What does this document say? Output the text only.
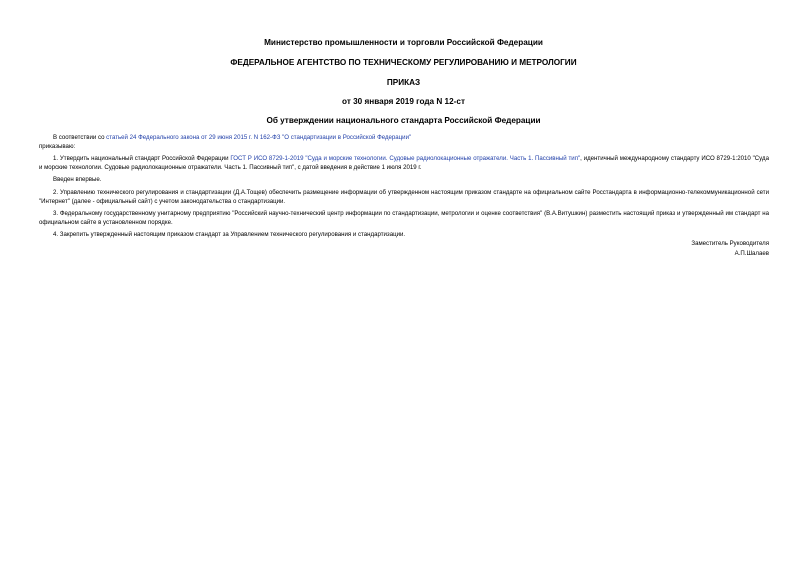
Министерство промышленности и торговли Российской Федерации
ФЕДЕРАЛЬНОЕ АГЕНТСТВО ПО ТЕХНИЧЕСКОМУ РЕГУЛИРОВАНИЮ И МЕТРОЛОГИИ
ПРИКАЗ
от 30 января 2019 года N 12-ст
Об утверждении национального стандарта Российской Федерации

В соответствии со статьей 24 Федерального закона от 29 июня 2015 г. N 162-ФЗ "О стандартизации в Российской Федерации"

приказываю:

1. Утвердить национальный стандарт Российской Федерации ГОСТ Р ИСО 8729-1-2019 "Суда и морские технологии. Судовые радиолокационные отражатели. Часть 1. Пассивный тип", идентичный международному стандарту ИСО 8729-1:2010 "Суда и морские технологии. Судовые радиолокационные отражатели. Часть 1. Пассивный тип", с датой введения в действие 1 июля 2019 г.

Введен впервые.

2. Управлению технического регулирования и стандартизации (Д.А.Тощев) обеспечить размещение информации об утвержденном настоящим приказом стандарте на официальном сайте Росстандарта в информационно-телекоммуникационной сети "Интернет" (далее - официальный сайт) с учетом законодательства о стандартизации.

3. Федеральному государственному унитарному предприятию "Российский научно-технический центр информации по стандартизации, метрологии и оценке соответствия" (В.А.Витушкин) разместить настоящий приказ и утвержденный им стандарт на официальном сайте в установленном порядке.

4. Закрепить утвержденный настоящим приказом стандарт за Управлением технического регулирования и стандартизации.

Заместитель Руководителя
А.П.Шалаев
